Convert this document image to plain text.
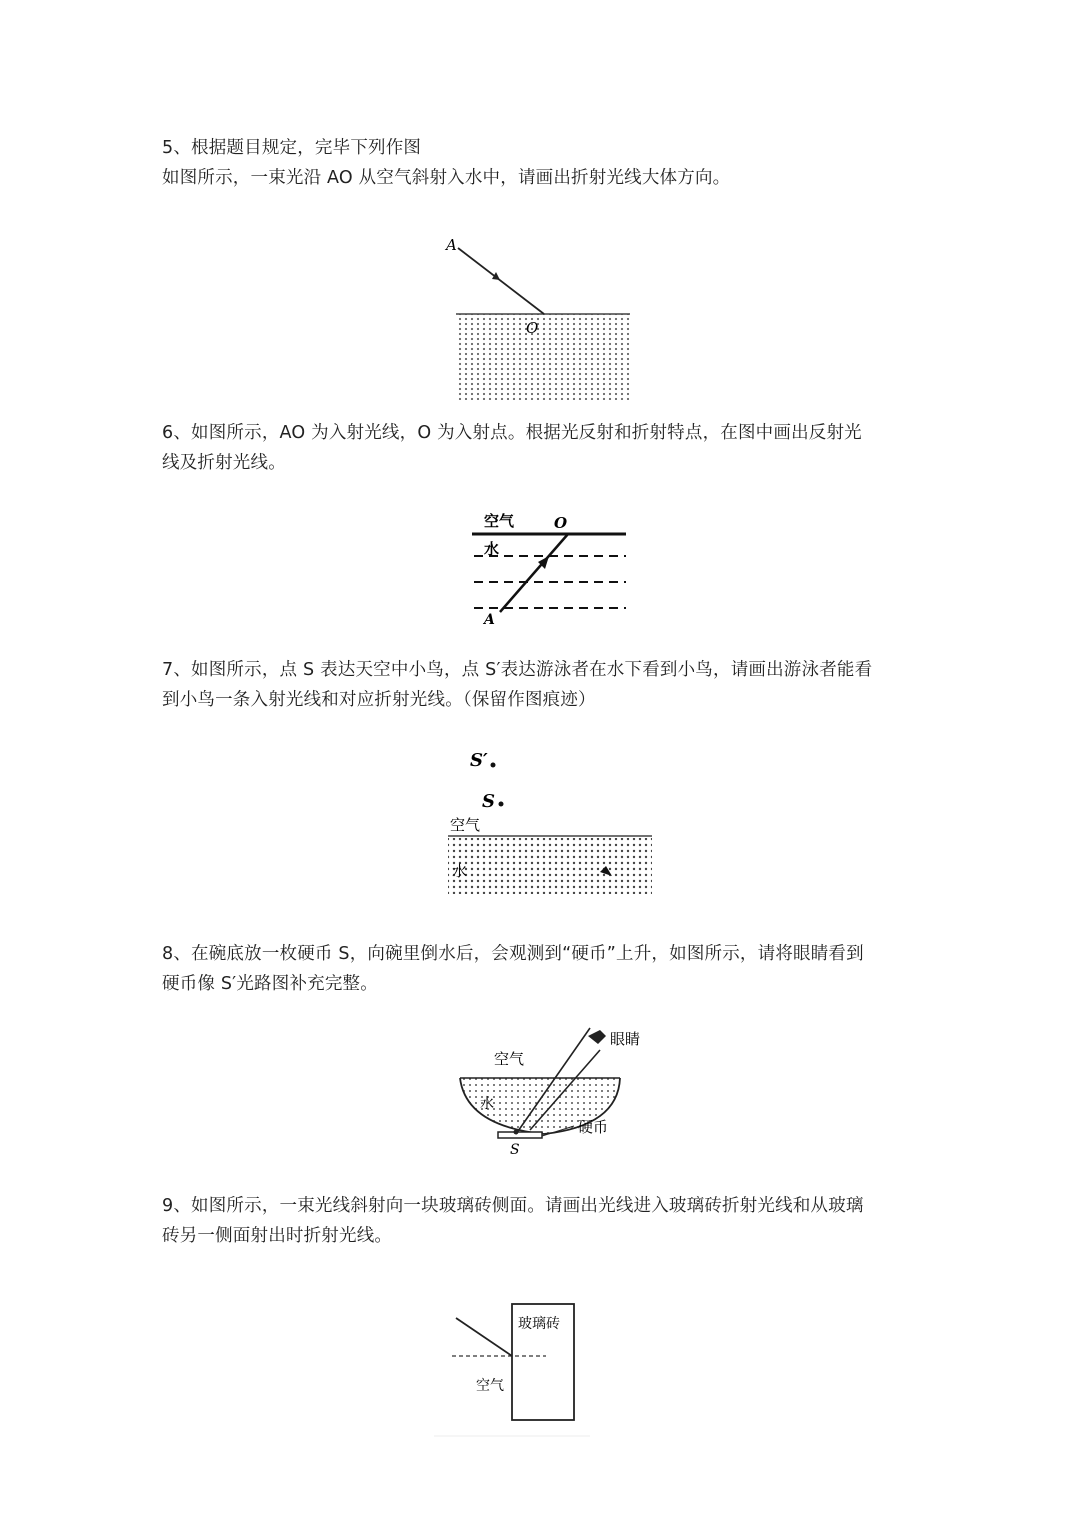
5、根据题目规定，完毕下列作图
如图所示，一束光沿 AO 从空气斜射入水中，请画出折射光线大体方向。
A
O
6、如图所示，AO 为入射光线，O 为入射点。根据光反射和折射特点，在图中画出反射光
线及折射光线。
空气	O
水
A
7、如图所示，点 S 表达天空中小鸟，点 S′表达游泳者在水下看到小鸟，请画出游泳者能看
到小鸟一条入射光线和对应折射光线。（保留作图痕迹）
S′
S
空气
水
8、在碗底放一枚硬币 S，向碗里倒水后，会观测到“硬币”上升，如图所示，请将眼睛看到
硬币像 S′光路图补充完整。
空气
眼睛
水
硬币
S
9、如图所示，一束光线斜射向一块玻璃砖侧面。请画出光线进入玻璃砖折射光线和从玻璃
砖另一侧面射出时折射光线。
玻璃砖
空气
